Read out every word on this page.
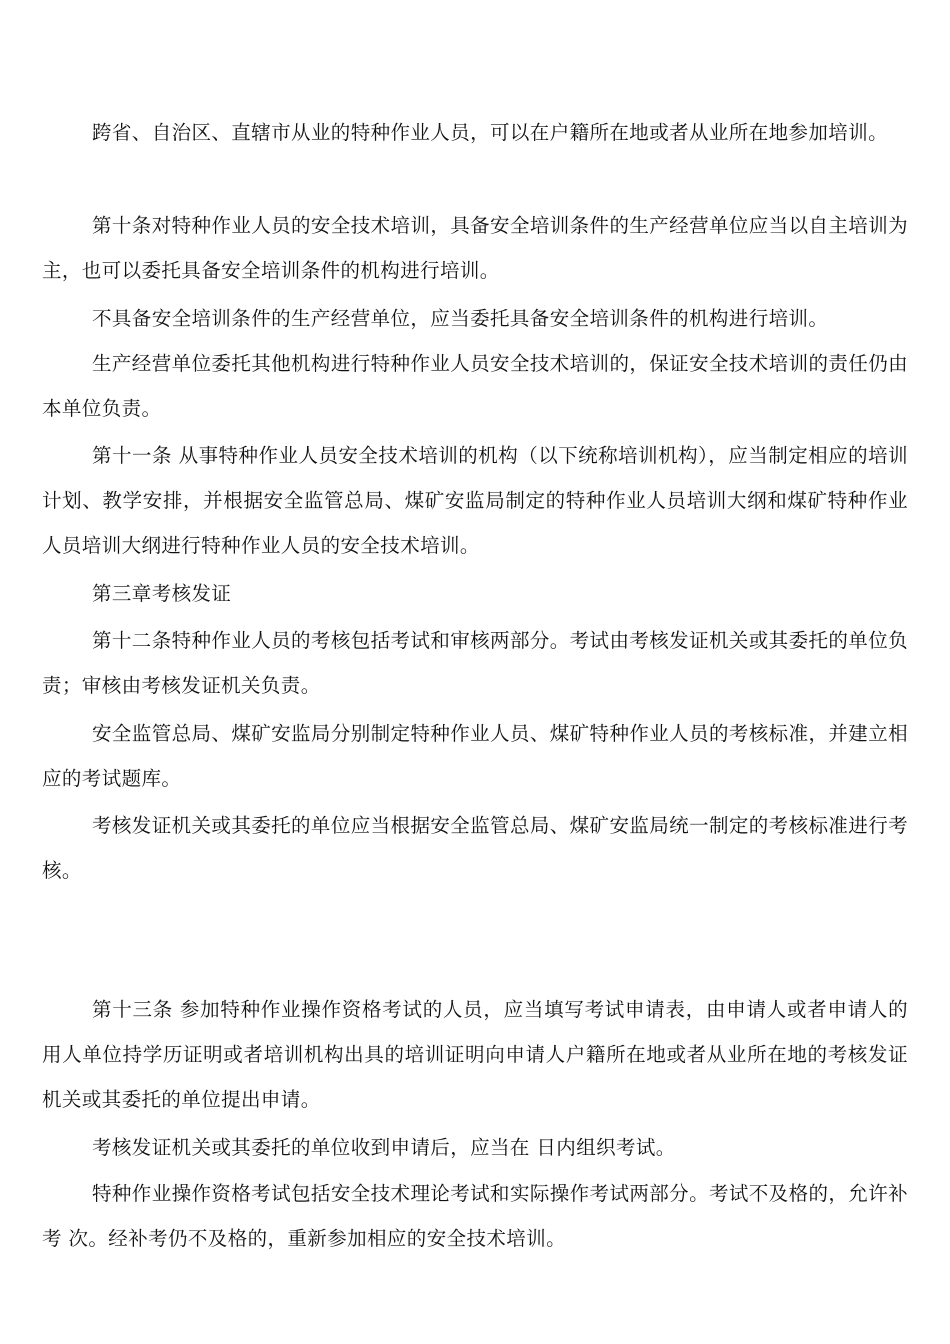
跨省、自治区、直辖市从业的特种作业人员，可以在户籍所在地或者从业所在地参加培训。

第十条对特种作业人员的安全技术培训，具备安全培训条件的生产经营单位应当以自主培训为主，也可以委托具备安全培训条件的机构进行培训。

不具备安全培训条件的生产经营单位，应当委托具备安全培训条件的机构进行培训。

生产经营单位委托其他机构进行特种作业人员安全技术培训的，保证安全技术培训的责任仍由本单位负责。

第十一条 从事特种作业人员安全技术培训的机构（以下统称培训机构），应当制定相应的培训计划、教学安排，并根据安全监管总局、煤矿安监局制定的特种作业人员培训大纲和煤矿特种作业人员培训大纲进行特种作业人员的安全技术培训。

第三章考核发证

第十二条特种作业人员的考核包括考试和审核两部分。考试由考核发证机关或其委托的单位负责；审核由考核发证机关负责。

安全监管总局、煤矿安监局分别制定特种作业人员、煤矿特种作业人员的考核标准，并建立相应的考试题库。

考核发证机关或其委托的单位应当根据安全监管总局、煤矿安监局统一制定的考核标准进行考核。

第十三条 参加特种作业操作资格考试的人员，应当填写考试申请表，由申请人或者申请人的用人单位持学历证明或者培训机构出具的培训证明向申请人户籍所在地或者从业所在地的考核发证机关或其委托的单位提出申请。

考核发证机关或其委托的单位收到申请后，应当在 日内组织考试。

特种作业操作资格考试包括安全技术理论考试和实际操作考试两部分。考试不及格的，允许补考 次。经补考仍不及格的，重新参加相应的安全技术培训。
